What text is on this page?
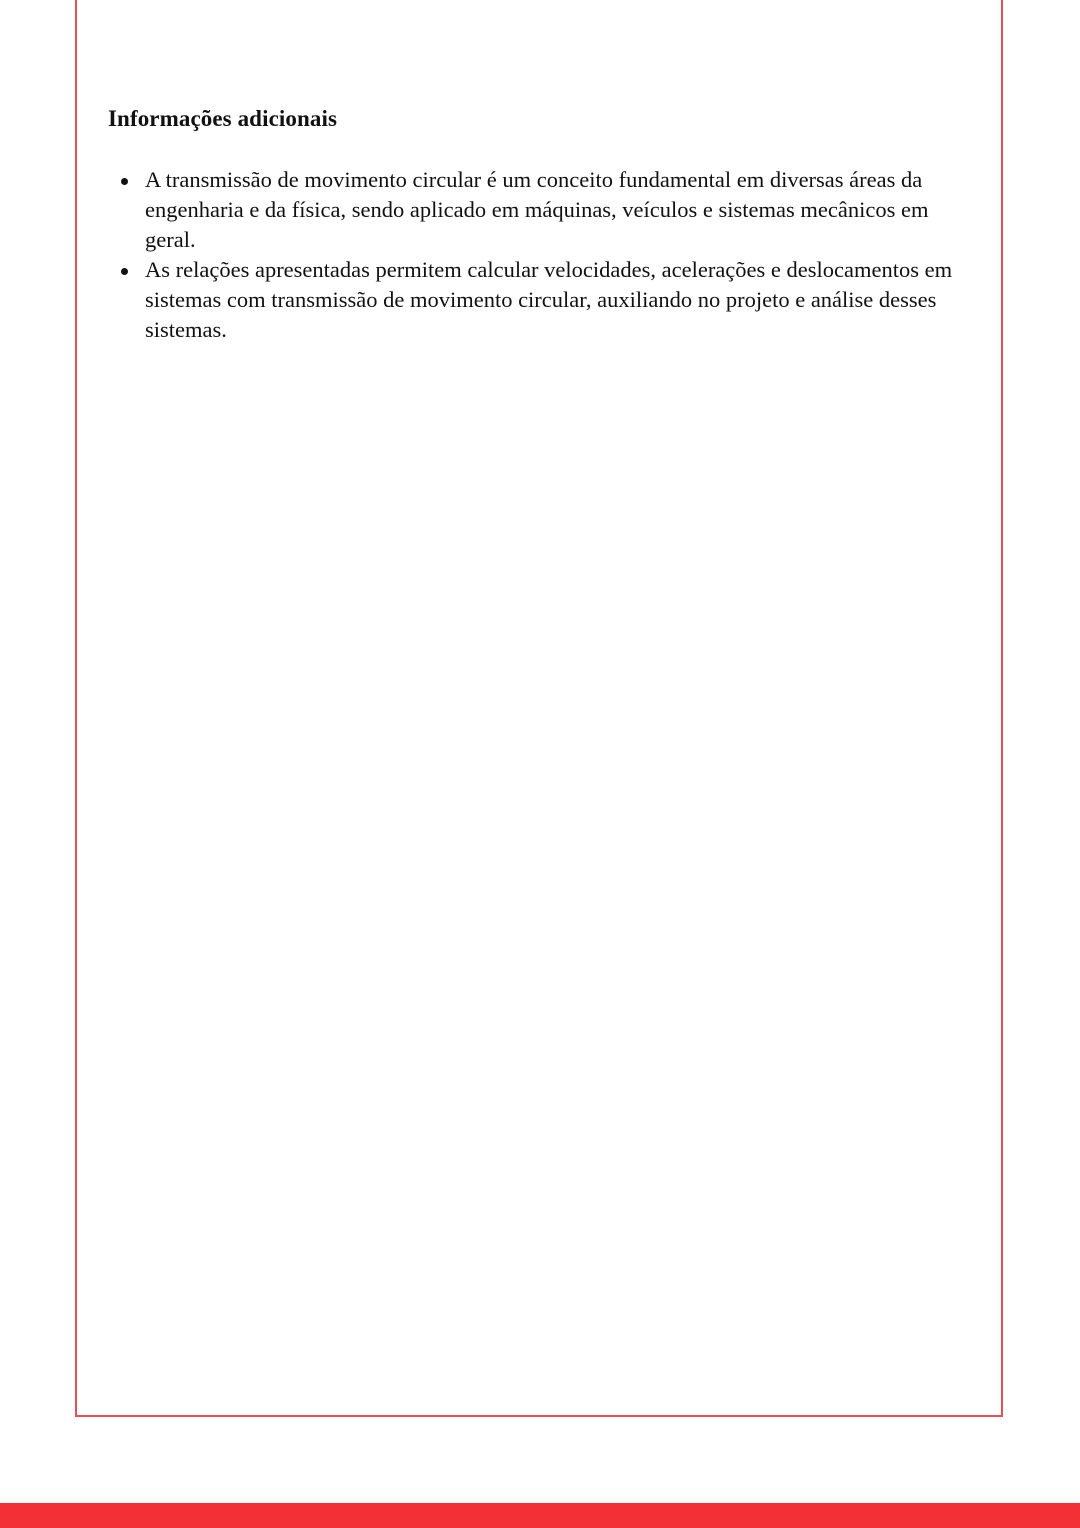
Informações adicionais
A transmissão de movimento circular é um conceito fundamental em diversas áreas da engenharia e da física, sendo aplicado em máquinas, veículos e sistemas mecânicos em geral.
As relações apresentadas permitem calcular velocidades, acelerações e deslocamentos em sistemas com transmissão de movimento circular, auxiliando no projeto e análise desses sistemas.
